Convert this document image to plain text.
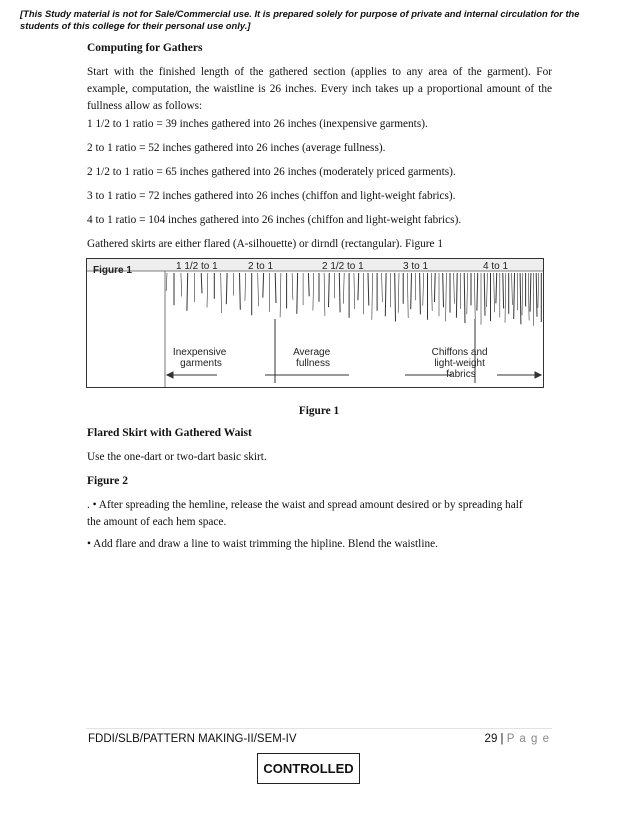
[This Study material is not for Sale/Commercial use. It is prepared solely for purpose of private and internal circulation for the students of this college for their personal use only.]
Computing for Gathers
Start with the finished length of the gathered section (applies to any area of the garment). For example, computation, the waistline is 26 inches. Every inch takes up a proportional amount of the fullness allow as follows:
1 1/2 to 1 ratio = 39 inches gathered into 26 inches (inexpensive garments).
2 to 1 ratio = 52 inches gathered into 26 inches (average fullness).
2 1/2 to 1 ratio = 65 inches gathered into 26 inches (moderately priced garments).
3 to 1 ratio = 72 inches gathered into 26 inches (chiffon and light-weight fabrics).
4 to 1 ratio = 104 inches gathered into 26 inches (chiffon and light-weight fabrics).
Gathered skirts are either flared (A-silhouette) or dirndl (rectangular). Figure 1
Figure 1	1 1/2 to 1	2 to 1	2 1/2 to 1	3 to 1	4 to 1
Inexpensive garments
Average fullness
Chiffons and light-weight fabrics
Figure 1
Flared Skirt with Gathered Waist
Use the one-dart or two-dart basic skirt.
Figure 2
. • After spreading the hemline, release the waist and spread amount desired or by spreading half the amount of each hem space.
• Add flare and draw a line to waist trimming the hipline. Blend the waistline.
FDDI/SLB/PATTERN MAKING-II/SEM-IV	29 | P a g e
CONTROLLED
